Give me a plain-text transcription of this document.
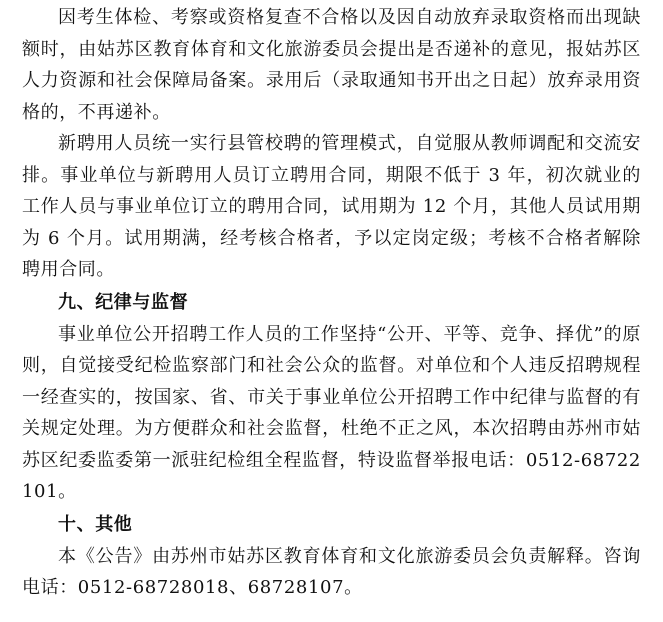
因考生体检、考察或资格复查不合格以及因自动放弃录取资格而出现缺额时，由姑苏区教育体育和文化旅游委员会提出是否递补的意见，报姑苏区人力资源和社会保障局备案。录用后（录取通知书开出之日起）放弃录用资格的，不再递补。

新聘用人员统一实行县管校聘的管理模式，自觉服从教师调配和交流安排。事业单位与新聘用人员订立聘用合同，期限不低于 3 年，初次就业的工作人员与事业单位订立的聘用合同，试用期为 12 个月，其他人员试用期为 6 个月。试用期满，经考核合格者，予以定岗定级；考核不合格者解除聘用合同。

九、纪律与监督

事业单位公开招聘工作人员的工作坚持“公开、平等、竞争、择优”的原则，自觉接受纪检监察部门和社会公众的监督。对单位和个人违反招聘规程一经查实的，按国家、省、市关于事业单位公开招聘工作中纪律与监督的有关规定处理。为方便群众和社会监督，杜绝不正之风，本次招聘由苏州市姑苏区纪委监委第一派驻纪检组全程监督，特设监督举报电话：0512-68722101。

十、其他

本《公告》由苏州市姑苏区教育体育和文化旅游委员会负责解释。咨询电话：0512-68728018、68728107。
